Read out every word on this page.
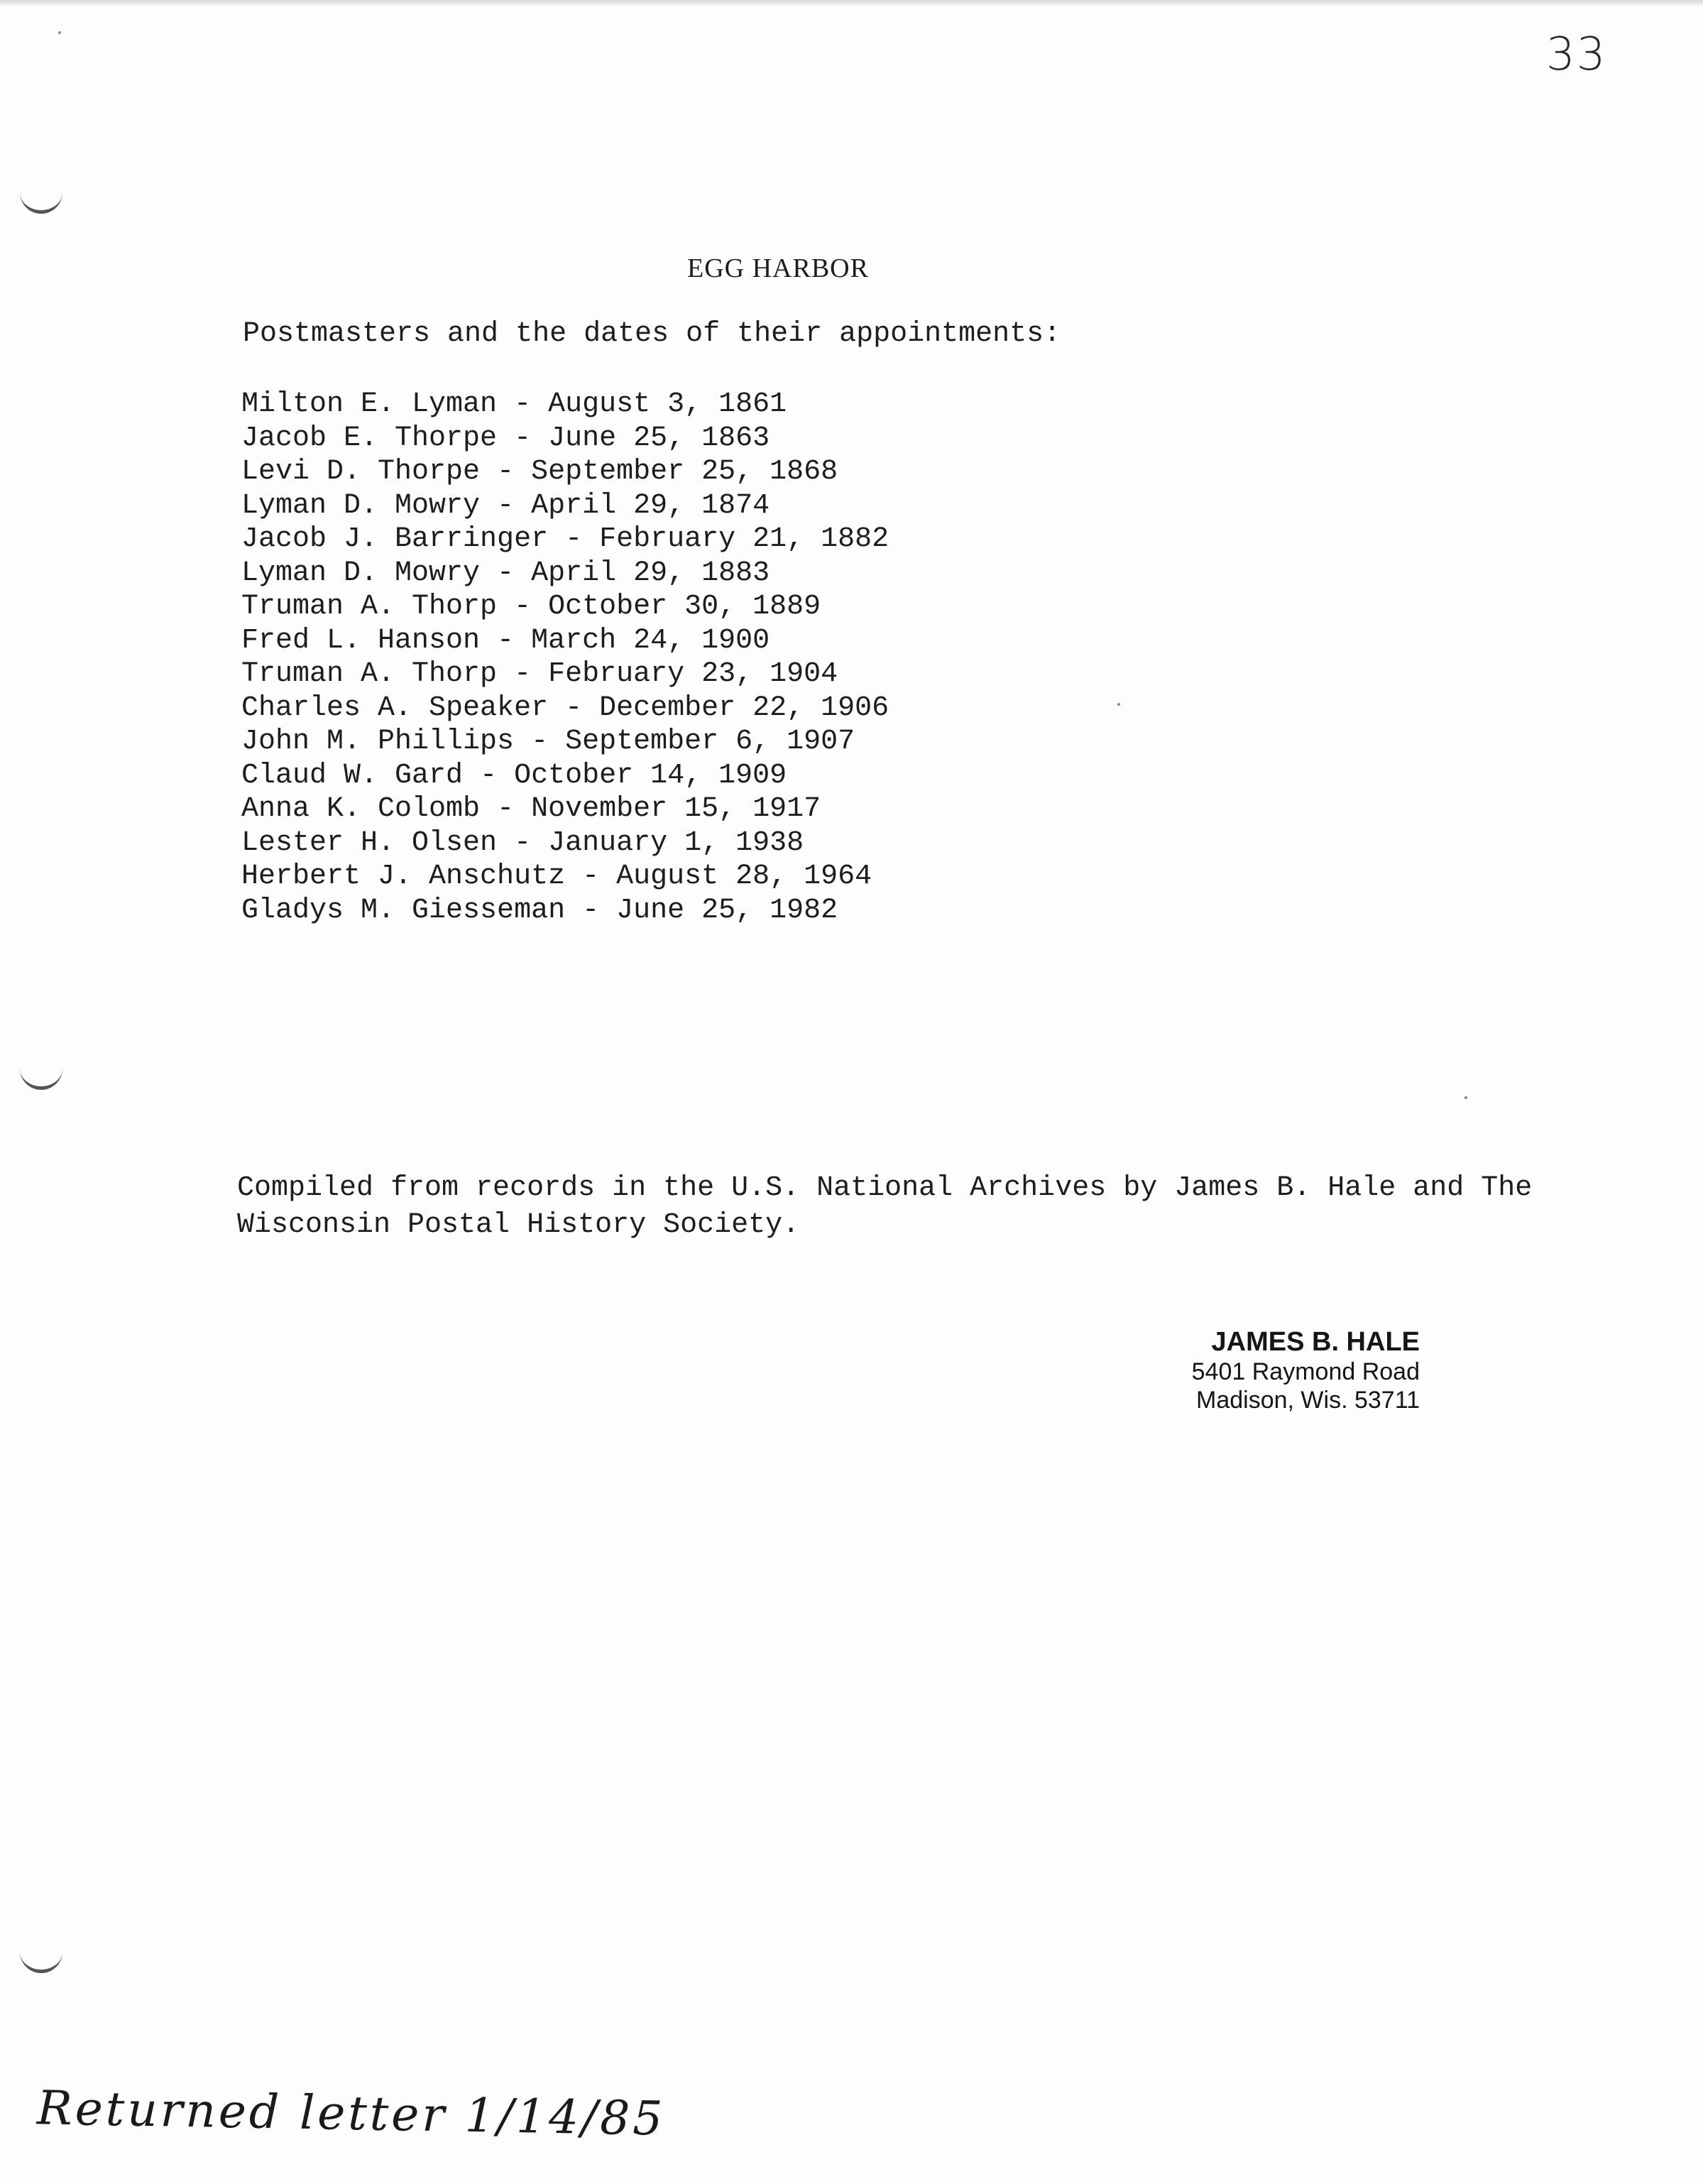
33
EGG HARBOR
Postmasters and the dates of their appointments:
Milton E. Lyman - August 3, 1861
Jacob E. Thorpe - June 25, 1863
Levi D. Thorpe - September 25, 1868
Lyman D. Mowry - April 29, 1874
Jacob J. Barringer - February 21, 1882
Lyman D. Mowry - April 29, 1883
Truman A. Thorp - October 30, 1889
Fred L. Hanson - March 24, 1900
Truman A. Thorp - February 23, 1904
Charles A. Speaker - December 22, 1906
John M. Phillips - September 6, 1907
Claud W. Gard - October 14, 1909
Anna K. Colomb - November 15, 1917
Lester H. Olsen - January 1, 1938
Herbert J. Anschutz - August 28, 1964
Gladys M. Giesseman - June 25, 1982
Compiled from records in the U.S. National Archives by James B. Hale and The
Wisconsin Postal History Society.
JAMES B. HALE
5401 Raymond Road
Madison, Wis. 53711
Returned letter 1/14/85
